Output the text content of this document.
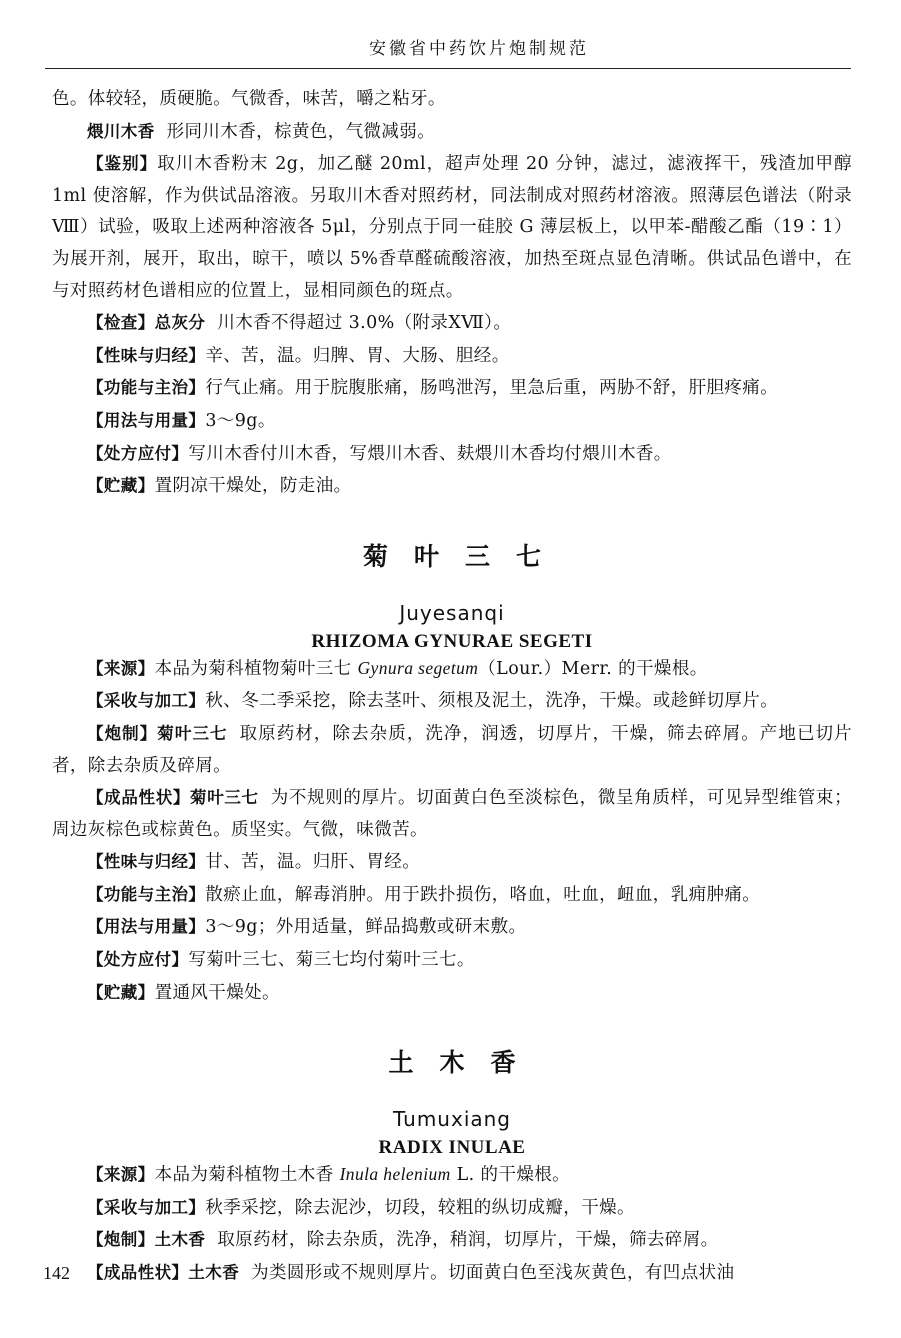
安徽省中药饮片炮制规范

色。体较轻，质硬脆。气微香，味苦，嚼之粘牙。

煨川木香 形同川木香，棕黄色，气微减弱。

【鉴别】取川木香粉末 2g，加乙醚 20ml，超声处理 20 分钟，滤过，滤液挥干，残渣加甲醇 1ml 使溶解，作为供试品溶液。另取川木香对照药材，同法制成对照药材溶液。照薄层色谱法（附录Ⅷ）试验，吸取上述两种溶液各 5μl，分别点于同一硅胶 G 薄层板上，以甲苯-醋酸乙酯（19∶1）为展开剂，展开，取出，晾干，喷以 5%香草醛硫酸溶液，加热至斑点显色清晰。供试品色谱中，在与对照药材色谱相应的位置上，显相同颜色的斑点。

【检查】总灰分 川木香不得超过 3.0%（附录ⅩⅦ）。

【性味与归经】辛、苦，温。归脾、胃、大肠、胆经。

【功能与主治】行气止痛。用于脘腹胀痛，肠鸣泄泻，里急后重，两胁不舒，肝胆疼痛。

【用法与用量】3～9g。

【处方应付】写川木香付川木香，写煨川木香、麸煨川木香均付煨川木香。

【贮藏】置阴凉干燥处，防走油。

菊叶三七

Juyesanqi

RHIZOMA GYNURAE SEGETI

【来源】本品为菊科植物菊叶三七 Gynura segetum（Lour.）Merr. 的干燥根。

【采收与加工】秋、冬二季采挖，除去茎叶、须根及泥土，洗净，干燥。或趁鲜切厚片。

【炮制】菊叶三七 取原药材，除去杂质，洗净，润透，切厚片，干燥，筛去碎屑。产地已切片者，除去杂质及碎屑。

【成品性状】菊叶三七 为不规则的厚片。切面黄白色至淡棕色，微呈角质样，可见异型维管束；周边灰棕色或棕黄色。质坚实。气微，味微苦。

【性味与归经】甘、苦，温。归肝、胃经。

【功能与主治】散瘀止血，解毒消肿。用于跌扑损伤，咯血，吐血，衄血，乳痈肿痛。

【用法与用量】3～9g；外用适量，鲜品捣敷或研末敷。

【处方应付】写菊叶三七、菊三七均付菊叶三七。

【贮藏】置通风干燥处。

土木香

Tumuxiang

RADIX INULAE

【来源】本品为菊科植物土木香 Inula helenium L. 的干燥根。

【采收与加工】秋季采挖，除去泥沙，切段，较粗的纵切成瓣，干燥。

【炮制】土木香 取原药材，除去杂质，洗净，稍润，切厚片，干燥，筛去碎屑。

【成品性状】土木香 为类圆形或不规则厚片。切面黄白色至浅灰黄色，有凹点状油

142
